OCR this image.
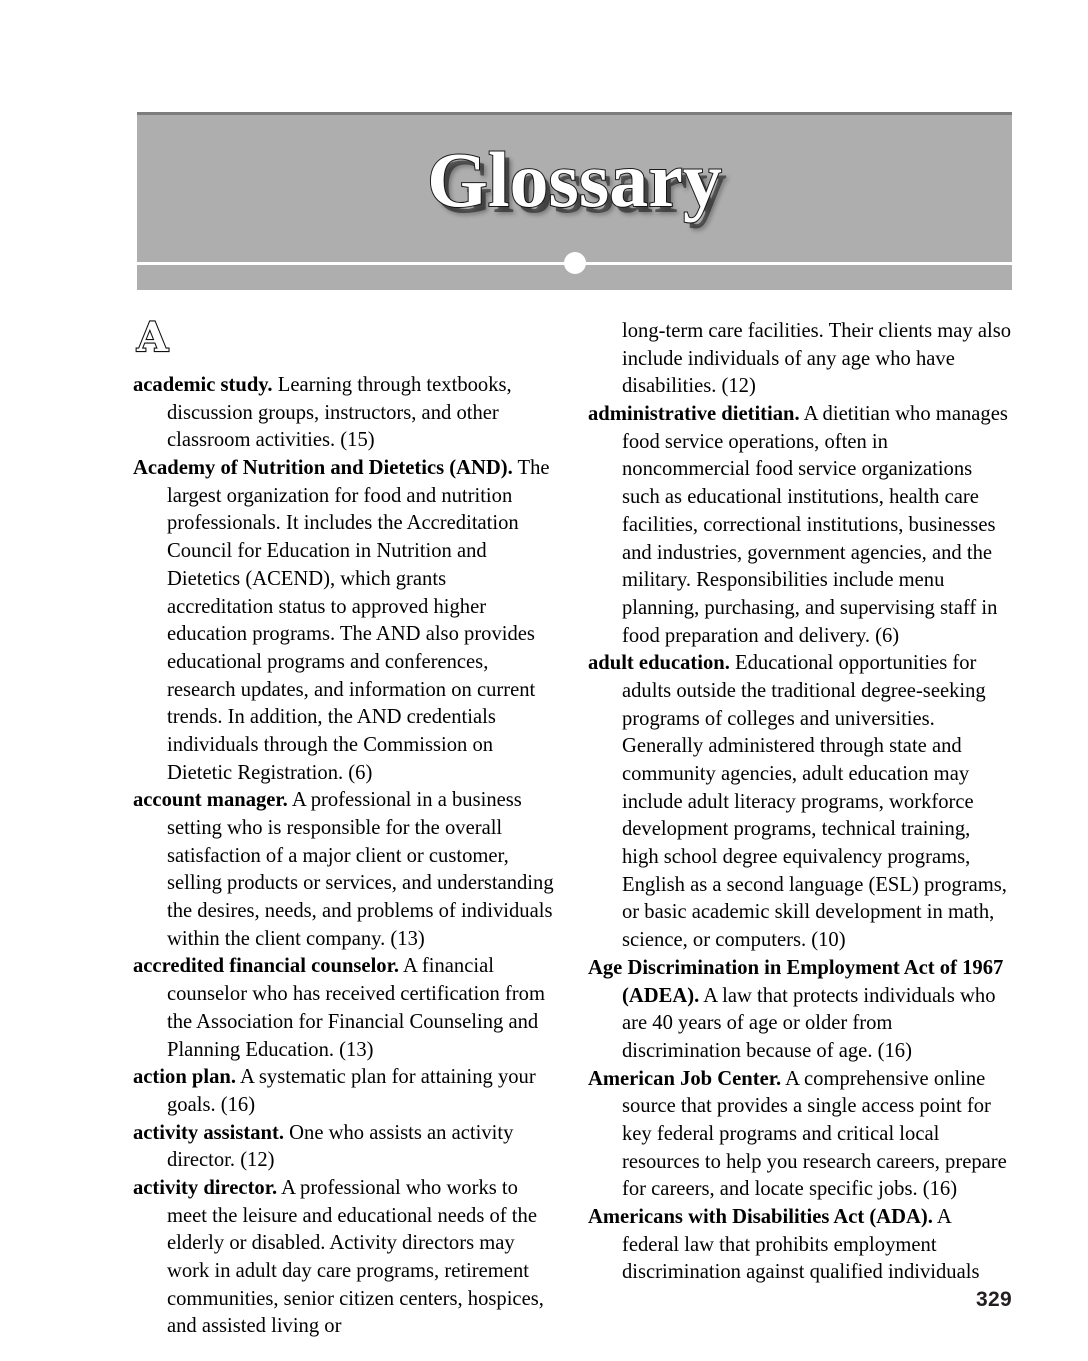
Glossary
A

academic study. Learning through textbooks, discussion groups, instructors, and other classroom activities. (15)

Academy of Nutrition and Dietetics (AND). The largest organization for food and nutrition professionals. It includes the Accreditation Council for Education in Nutrition and Dietetics (ACEND), which grants accreditation status to approved higher education programs. The AND also provides educational programs and conferences, research updates, and information on current trends. In addition, the AND credentials individuals through the Commission on Dietetic Registration. (6)

account manager. A professional in a business setting who is responsible for the overall satisfaction of a major client or customer, selling products or services, and understanding the desires, needs, and problems of individuals within the client company. (13)

accredited financial counselor. A financial counselor who has received certification from the Association for Financial Counseling and Planning Education. (13)

action plan. A systematic plan for attaining your goals. (16)

activity assistant. One who assists an activity director. (12)

activity director. A professional who works to meet the leisure and educational needs of the elderly or disabled. Activity directors may work in adult day care programs, retirement communities, senior citizen centers, hospices, and assisted living or

long-term care facilities. Their clients may also include individuals of any age who have disabilities. (12)

administrative dietitian. A dietitian who manages food service operations, often in noncommercial food service organizations such as educational institutions, health care facilities, correctional institutions, businesses and industries, government agencies, and the military. Responsibilities include menu planning, purchasing, and supervising staff in food preparation and delivery. (6)

adult education. Educational opportunities for adults outside the traditional degree-seeking programs of colleges and universities. Generally administered through state and community agencies, adult education may include adult literacy programs, workforce development programs, technical training, high school degree equivalency programs, English as a second language (ESL) programs, or basic academic skill development in math, science, or computers. (10)

Age Discrimination in Employment Act of 1967 (ADEA). A law that protects individuals who are 40 years of age or older from discrimination because of age. (16)

American Job Center. A comprehensive online source that provides a single access point for key federal programs and critical local resources to help you research careers, prepare for careers, and locate specific jobs. (16)

Americans with Disabilities Act (ADA). A federal law that prohibits employment discrimination against qualified individuals

329
